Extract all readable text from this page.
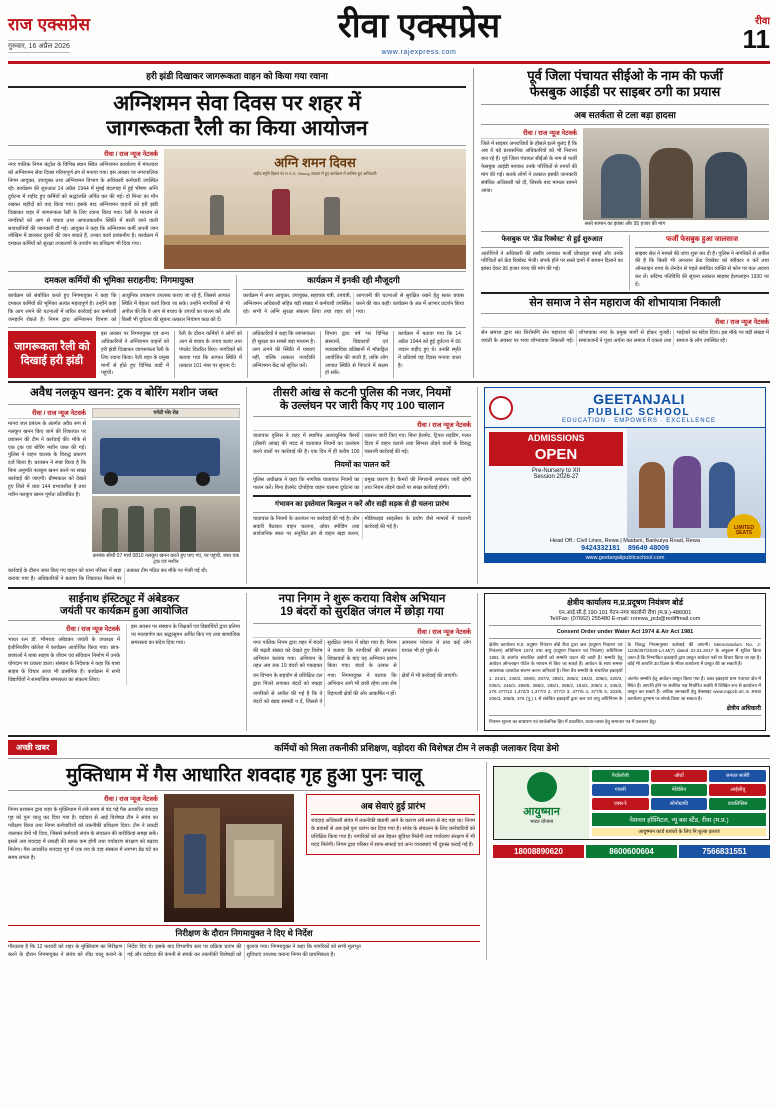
राज एक्सप्रेस
गुरुवार, 16 अप्रैल 2026
रीवा एक्सप्रेस
www.rajexpress.com
रीवा
11
हरी झंडी दिखाकर जागरूकता वाहन को किया गया रवाना
अग्निशमन सेवा दिवस पर शहर में
जागरूकता रैली का किया आयोजन
रीवा / राज न्यूज नेटवर्क
नगर पालिक निगम कंट्रोल के विभिन्न स्थान स्थित अग्निशमन कार्यालय में मंगलवार को अग्निशमन सेवा दिवस गरिमापूर्ण ढंग से मनाया गया। इस अवसर पर नगरपालिक निगम आयुक्त, उपायुक्त तथा अग्निशमन विभाग के अधिकारी कर्मचारी उपस्थित रहे। कार्यक्रम की शुरुआत 14 अप्रैल 1944 में मुंबई बंदरगाह में हुई भीषण अग्नि दुर्घटना में शहीद हुए कर्मियों को श्रद्धांजलि अर्पित कर की गई। दो मिनट का मौन रखकर शहीदों को याद किया गया। इसके बाद अग्निशमन वाहनों को हरी झंडी दिखाकर शहर में जागरूकता रैली के लिए रवाना किया गया। रैली के माध्यम से नागरिकों को आग से बचाव तथा आपातकालीन स्थिति में बरती जाने वाली सावधानियों की जानकारी दी गई। आयुक्त ने कहा कि अग्निशमन कर्मी अपनी जान जोखिम में डालकर दूसरों की जान बचाते हैं, उनका कार्य प्रशंसनीय है। कार्यक्रम में दमकल कर्मियों को सुरक्षा उपकरणों के उपयोग का प्रशिक्षण भी दिया गया।
अग्नि शमन दिवस
शहीद स्मृति दिवस पर R.S.S. Strong आदान में हुए कार्यक्रम में शामिल हुए अधिकारी
दमकल कर्मियों की भूमिका सराहनीय: निगमायुक्त
कार्यक्रम को संबोधित करते हुए निगमायुक्त ने कहा कि दमकल कर्मियों की भूमिका अत्यंत महत्वपूर्ण है। उन्होंने कहा कि आग लगने की घटनाओं में त्वरित कार्रवाई कर कर्मचारी जनहानि रोकते हैं। निगम द्वारा अग्निशमन विभाग को आधुनिक उपकरण उपलब्ध कराए जा रहे हैं, जिससे आपात स्थिति में बेहतर कार्य किया जा सके। उन्होंने नागरिकों से भी अपील की कि वे आग से बचाव के उपायों का पालन करें और किसी भी दुर्घटना की सूचना तत्काल नियंत्रण कक्ष को दें।
कार्यक्रम में इनकी रही मौजूदगी
कार्यक्रम में अपर आयुक्त, उपायुक्त, सहायक यंत्री, उपयंत्री, अग्निशमन अधिकारी सहित बड़ी संख्या में कर्मचारी उपस्थित रहे। सभी ने अग्नि सुरक्षा संकल्प लिया तथा शहर को आगजनी की घटनाओं से सुरक्षित रखने हेतु सतत प्रयास करने की बात कही। कार्यक्रम के अंत में आभार प्रदर्शन किया गया।
जागरूकता रैली को दिखाई हरी झंडी
इस अवसर पर निगमायुक्त एवं अन्य अधिकारियों ने अग्निशमन वाहनों को हरी झंडी दिखाकर जागरूकता रैली के लिए रवाना किया। रैली शहर के प्रमुख मार्गों से होते हुए विभिन्न वार्डों में पहुंची।
रैली के दौरान कर्मियों ने लोगों को आग से बचाव के उपाय बताए तथा पंपलेट वितरित किए। नागरिकों को बताया गया कि आपात स्थिति में तत्काल 101 नंबर पर सूचना दें।
अधिकारियों ने कहा कि जागरूकता ही सुरक्षा का सबसे बड़ा माध्यम है। आग लगने की स्थिति में घबराएं नहीं, बल्कि तत्काल नजदीकी अग्निशमन केंद्र को सूचित करें।
विभाग द्वारा वर्ष भर विभिन्न संस्थानों, विद्यालयों एवं व्यावसायिक प्रतिष्ठानों में मॉकड्रिल आयोजित की जाती है, ताकि लोग आपात स्थिति से निपटने में सक्षम हो सकें।
कार्यक्रम में बताया गया कि 14 अप्रैल 1944 को हुई दुर्घटना में 66 जवान शहीद हुए थे। उनकी स्मृति में प्रतिवर्ष यह दिवस मनाया जाता है।
पूर्व जिला पंचायत सीईओ के नाम की फर्जी
फेसबुक आईडी पर साइबर ठगी का प्रयास
अब सतर्कता से टला बड़ा हादसा
रीवा / राज न्यूज नेटवर्क
जिले में साइबर अपराधियों के हौसले इतने बुलंद हैं कि अब वे बड़े प्रशासनिक अधिकारियों को भी निशाना बना रहे हैं। पूर्व जिला पंचायत सीईओ के नाम से फर्जी फेसबुक आईडी बनाकर उनके परिचितों से रुपयों की मांग की गई। सतर्क लोगों ने तत्काल इसकी जानकारी संबंधित अधिकारी को दी, जिसके बाद मामला सामने आया।
सस्ते सामान का झांसा और 95 हजार की मांग
फेसबुक पर 'फ्रेंड रिक्वेस्ट' से हुई शुरुआत
आरोपियों ने अधिकारी की तस्वीर लगाकर फर्जी प्रोफाइल बनाई और उनके परिचितों को फ्रेंड रिक्वेस्ट भेजी। संपर्क होने पर सस्ते दामों में सामान दिलाने का झांसा देकर 95 हजार रुपए की मांग की गई।
फर्जी फेसबुक हुआ जालसाज
साइबर सेल ने मामले की जांच शुरू कर दी है। पुलिस ने नागरिकों से अपील की है कि किसी भी अनजान फ्रेंड रिक्वेस्ट को स्वीकार न करें तथा ऑनलाइन रुपए के लेनदेन से पहले संबंधित व्यक्ति से फोन पर बात अवश्य कर लें। संदिग्ध गतिविधि की सूचना तत्काल साइबर हेल्पलाइन 1930 पर दें।
सेन समाज ने सेन महाराज की शोभायात्रा निकाली
रीवा / राज न्यूज नेटवर्क
सेन समाज द्वारा संत शिरोमणि सेन महाराज की जयंती के अवसर पर भव्य शोभायात्रा निकाली गई। शोभायात्रा नगर के प्रमुख मार्गों से होकर गुजरी। समाजजनों ने पूजा अर्चना कर समाज में एकता तथा भाईचारे का संदेश दिया। इस मौके पर बड़ी संख्या में समाज के लोग उपस्थित रहे।
अवैध नलकूप खनन: ट्रक व बोरिंग मशीन जब्त
रीवा / राज न्यूज नेटवर्क
मानव जल प्रबंधन के अंतर्गत अवैध रूप से नलकूप खनन किए जाने की शिकायत पर प्रशासन की टीम ने कार्रवाई की। मौके से एक ट्रक एवं बोरिंग मशीन जब्त की गई। पुलिस ने वाहन चालक के विरुद्ध प्रकरण दर्ज किया है। प्रशासन ने स्पष्ट किया है कि बिना अनुमति नलकूप खनन करने पर सख्त कार्रवाई की जाएगी। ग्रीष्मकाल को देखते हुए जिले में धारा 144 प्रभावशील है तथा नवीन नलकूप खनन पूर्णतः प्रतिबंधित है।
चपेटी मोर रोड
क्रमांक सीधी 07 मार्च 0810 नलकूप खनन करते हुए पाए गए, पर पहुंची, जब्त एक ट्रक एवं मशीन
कार्रवाई के दौरान जब्त किए गए वाहन को थाना परिसर में खड़ा कराया गया है। अधिकारियों ने बताया कि शिकायत मिलने पर तत्काल टीम गठित कर मौके पर भेजी गई थी।
तीसरी आंख से कटनी पुलिस की नजर, नियमों
के उल्लंघन पर जारी किए गए 100 चालान
रीवा / राज न्यूज नेटवर्क
यातायात पुलिस ने शहर में स्थापित अत्याधुनिक कैमरों (तीसरी आंख) की मदद से यातायात नियमों का उल्लंघन करने वालों पर कार्रवाई की है। एक दिन में ही करीब 100 चालान जारी किए गए। बिना हेलमेट, ट्रिपल राइडिंग, गलत दिशा में वाहन चलाने तथा सिग्नल तोड़ने वालों के विरुद्ध चालानी कार्रवाई की गई।
नियमों का पालन करें
पुलिस अधीक्षक ने कहा कि नागरिक यातायात नियमों का पालन करें। बिना हेलमेट दोपहिया वाहन चलाना दुर्घटना का प्रमुख कारण है। कैमरों की निगरानी लगातार जारी रहेगी तथा नियम तोड़ने वालों पर सख्त कार्रवाई होगी।
गंभावन का इस्तेमाल बिल्कुल न करें और सही सड़क से ही चलना प्रारंभ
यातायात के नियमों के उल्लंघन पर कार्रवाई की गई है। तीन सवारी बैठाकर वाहन चलाना, ओवर स्पीडिंग तथा सार्वजनिक स्थल पर अनुचित ढंग से वाहन खड़ा करना, मोडिफाइड साइलेंसर के प्रयोग जैसे मामलों में चालानी कार्रवाई की गई है।
GEETANJALI
PUBLIC SCHOOL
EDUCATION · EMPOWERS · EXCELLENCE
ADMISSIONS
OPEN
Pre-Nursery to XII
Session 2026-27
LIMITED SEATS
Head Off.: Civil Lines, Rewa | Maidani, Bankuiya Road, Rewa
9424332181 89649 48009
www.geetanjalipublicschool.com
साईनाथ इंस्टिट्यूट में अंबेडकर
जयंती पर कार्यक्रम हुआ आयोजित
रीवा / राज न्यूज नेटवर्क
भारत रत्न डॉ. भीमराव अंबेडकर जयंती के उपलक्ष्य में इंजीनियरिंग कॉलेज में कार्यक्रम आयोजित किया गया। छात्र-छात्राओं ने बाबा साहब के जीवन एवं संविधान निर्माण में उनके योगदान पर प्रकाश डाला। संस्थान के निदेशक ने कहा कि बाबा साहब के विचार आज भी प्रासंगिक हैं। कार्यक्रम में सभी विद्यार्थियों ने सामाजिक समरसता का संकल्प लिया।
इस अवसर पर संस्थान के शिक्षकों एवं विद्यार्थियों द्वारा प्रतिमा पर माल्यार्पण कर श्रद्धासुमन अर्पित किए गए तथा सामाजिक समरसता का संदेश दिया गया।
नपा निगम ने शुरू कराया विशेष अभियान
19 बंदरों को सुरक्षित जंगल में छोड़ा गया
रीवा / राज न्यूज नेटवर्क
नगर पालिक निगम द्वारा शहर में बंदरों की बढ़ती संख्या को देखते हुए विशेष अभियान चलाया गया। अभियान के तहत अब तक 19 बंदरों को पकड़कर सुरक्षित जंगल में छोड़ा गया है। निगम ने बताया कि नागरिकों की लगातार शिकायतों के बाद यह अभियान प्रारंभ किया गया। बंदरों के उत्पात से आमजन परेशान थे तथा कई लोग घायल भी हो चुके थे।
वन विभाग के सहयोग से प्रशिक्षित दल द्वारा पिंजरे लगाकर बंदरों को पकड़ा गया। निगमायुक्त ने बताया कि अभियान आगे भी जारी रहेगा तथा शेष क्षेत्रों में भी कार्रवाई की जाएगी।
नागरिकों से अपील की गई है कि वे बंदरों को खाद्य सामग्री न दें, जिससे वे रिहायशी क्षेत्रों की ओर आकर्षित न हों।
क्षेत्रीय कार्यालय म.प्र.प्रदूषण नियंत्रण बोर्ड
एन.आई.सी.ई.190-191 गेटन-नगर कालोनी रीवा (म.प्र.)-486001
Tel/Fax: (07662) 255480 E-mail: rorewa_pcb@rediffmail.com
Consent Order under Water Act 1974 & Air Act 1981
क्षेत्रीय कार्यालय म.प्र. प्रदूषण नियंत्रण बोर्ड रीवा द्वारा जल (प्रदूषण निवारण एवं नियंत्रण) अधिनियम 1974 तथा वायु (प्रदूषण निवारण एवं नियंत्रण) अधिनियम 1981 के अंतर्गत संचालित उद्योगों को सम्मति प्रदान की जाती है। सम्मति हेतु आवेदन ऑनलाइन पोर्टल के माध्यम से किए जा सकते हैं। आवेदन के साथ समस्त आवश्यक दस्तावेज संलग्न करना अनिवार्य है। बिना वैध सम्मति के संचालित इकाइयों के विरुद्ध नियमानुसार कार्रवाई की जाएगी। Memorandum No. J-1105/387/2040-LA.M(7) dated 22.01.2017 के अनुक्रम में सूचित किया जाता है कि निम्नांकित इकाइयों द्वारा प्रस्तुत आवेदन पत्रों पर विचार किया जा रहा है। कोई भी आपत्ति 30 दिवस के भीतर कार्यालय में प्रस्तुत की जा सकती है।
1. 244/1, 246/2, 298/8, 297/2, 285/1, 286/2, 194/2, 208/4, 220/3, 236/1, 246/2, 298/8, 285/2, 285/1, 286/2, 194/2, 208/4 2, 236/3, 276 277/12 1,372/3 1,377/3 2, 377/3 3, 377/5 4, 377/5 6, 203/6, 206/3, 308/5, 376 (पु.) 1 से संबंधित इकाइयों द्वारा जल एवं वायु अधिनियम के अंतर्गत सम्मति हेतु आवेदन प्रस्तुत किया गया है। उक्त इकाइयां ग्राम पंचायत क्षेत्र में स्थित हैं। आपत्ति होने पर संबंधित पक्ष निर्धारित अवधि में लिखित रूप से कार्यालय में प्रस्तुत कर सकते हैं। अधिक जानकारी हेतु वेबसाइट www.mppcb.nic.in अथवा कार्यालय दूरभाष पर संपर्क किया जा सकता है।
क्षेत्रीय अधिकारी
नियमन सूचना का साधारण एवं सार्वजनिक हित में प्रकाशित, प्रचार-प्रसार हेतु समाचार पत्र में प्रकाशन हेतु।
अच्छी खबर	कर्मियों को मिला तकनीकी प्रशिक्षण, वड़ोदरा की विशेषज्ञ टीम ने लकड़ी जलाकर दिया डेमो
मुक्तिधाम में गैस आधारित शवदाह गृह हुआ पुनः चालू
रीवा / राज न्यूज नेटवर्क
निगम प्रशासन द्वारा शहर के मुक्तिधाम में लंबे समय से बंद पड़े गैस आधारित शवदाह गृह को पुनः चालू कर दिया गया है। वड़ोदरा से आई विशेषज्ञ टीम ने संयंत्र का परीक्षण किया तथा निगम कर्मचारियों को तकनीकी प्रशिक्षण दिया। टीम ने लकड़ी जलाकर डेमो भी दिया, जिससे कर्मचारी संयंत्र के संचालन की बारीकियां समझ सकें। इससे अब शवदाह में लकड़ी की खपत कम होगी तथा पर्यावरण संरक्षण को बढ़ावा मिलेगा। गैस आधारित शवदाह गृह में एक शव के दाह संस्कार में लगभग डेढ़ घंटे का समय लगता है।
अब सेवाएं हुई प्रारंभ
शवदाह अधिकारी संयंत्र में तकनीकी खराबी आने के कारण लंबे समय से बंद पड़ा था। निगम के प्रयासों से अब इसे पुनः प्रारंभ कर दिया गया है। संयंत्र के संचालन के लिए कर्मचारियों को प्रशिक्षित किया गया है। नागरिकों को अब बेहतर सुविधा मिलेगी तथा पर्यावरण संरक्षण में भी मदद मिलेगी। निगम द्वारा परिसर में साफ-सफाई एवं अन्य व्यवस्थाएं भी दुरुस्त कराई गई हैं।
निरीक्षण के दौरान निगमायुक्त ने दिए थे निर्देश
गौरतलब है कि 12 फरवरी को शहर के मुक्तिधाम का निरीक्षण करने के दौरान निगमायुक्त ने संयंत्र को शीघ्र चालू कराने के निर्देश दिए थे। इसके बाद विभागीय स्तर पर प्रक्रिया प्रारंभ की गई और वड़ोदरा की कंपनी से संपर्क कर तकनीकी विशेषज्ञों को बुलाया गया। निगमायुक्त ने कहा कि नागरिकों को सभी मूलभूत सुविधाएं उपलब्ध कराना निगम की प्राथमिकता है।
आयुष्मान
भारत योजना
पैथोलॉजी	ऑर्थो	जनरल सर्जरी
गायनी	मेडिसिन	आईसीयू
एक्स-रे	सोनोग्राफी	डायलिसिस
नेशनल हॉस्पिटल, न्यू बस स्टैंड, रीवा (म.प्र.)
आयुष्मान कार्ड धारकों के लिए नि:शुल्क इलाज
18008890620	8600600604	7566831551
